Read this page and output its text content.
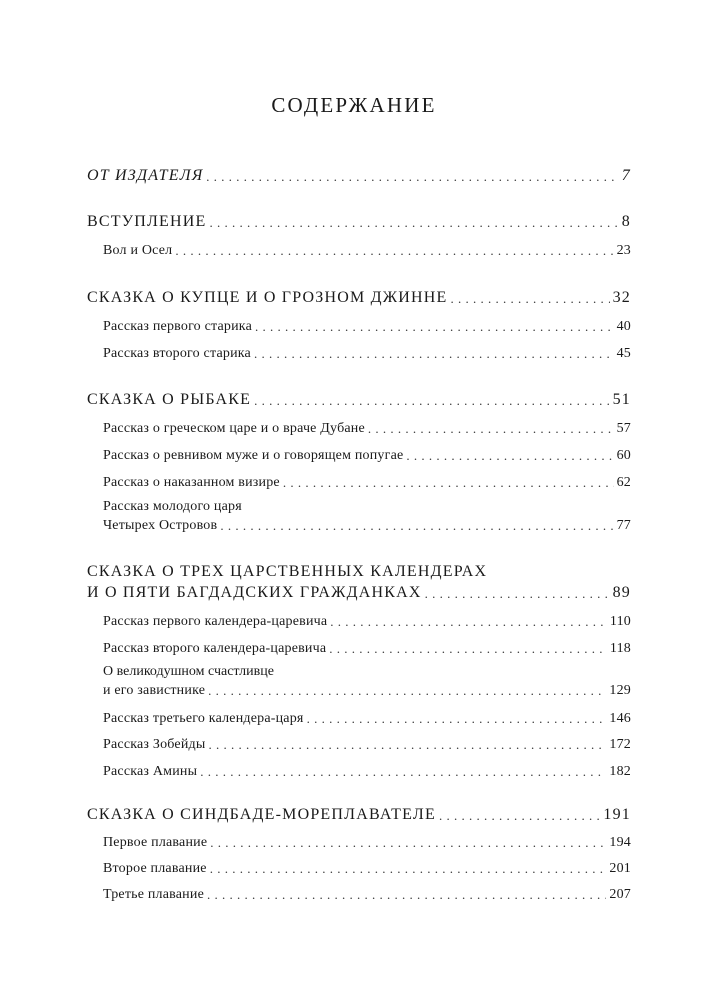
СОДЕРЖАНИЕ
ОТ ИЗДАТЕЛЯ . . .	7
ВСТУПЛЕНИЕ . . .	8
Вол и Осел . . .	23
СКАЗКА О КУПЦЕ И О ГРОЗНОМ ДЖИННЕ . . .	32
Рассказ первого старика . . .	40
Рассказ второго старика . . .	45
СКАЗКА О РЫБАКЕ . . .	51
Рассказ о греческом царе и о враче Дубане . . .	57
Рассказ о ревнивом муже и о говорящем попугае . . .	60
Рассказ о наказанном визире . . .	62
Рассказ молодого царя
Четырех Островов . . .	77
СКАЗКА О ТРЕХ ЦАРСТВЕННЫХ КАЛЕНДЕРАХ
И О ПЯТИ БАГДАДСКИХ ГРАЖДАНКАХ . . .	89
Рассказ первого календера-царевича . . .	110
Рассказ второго календера-царевича . . .	118
О великодушном счастливце
и его завистнике . . .	129
Рассказ третьего календера-царя . . .	146
Рассказ Зобейды . . .	172
Рассказ Амины . . .	182
СКАЗКА О СИНДБАДЕ-МОРЕПЛАВАТЕЛЕ . . .	191
Первое плавание . . .	194
Второе плавание . . .	201
Третье плавание . . .	207
